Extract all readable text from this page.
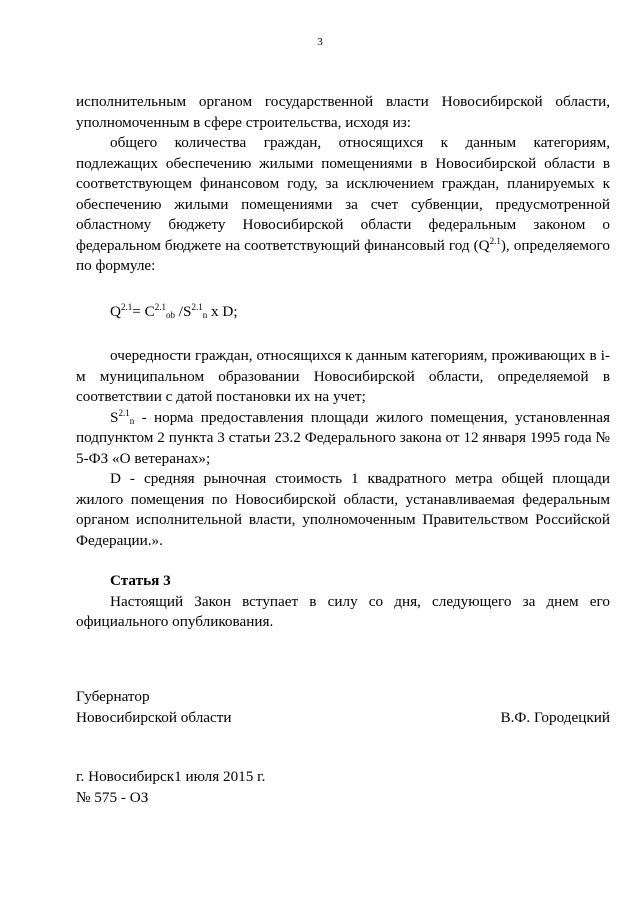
3

исполнительным органом государственной власти Новосибирской области, уполномоченным в сфере строительства, исходя из:

общего количества граждан, относящихся к данным категориям, подлежащих обеспечению жилыми помещениями в Новосибирской области в соответствующем финансовом году, за исключением граждан, планируемых к обеспечению жилыми помещениями за счет субвенции, предусмотренной областному бюджету Новосибирской области федеральным законом о федеральном бюджете на соответствующий финансовый год $(Q^{2.1})$, определяемого по формуле:

$Q^{2.1}= C^{2.1}_{ob}$ $/S^{2.1}_n$ x D;

очередности граждан, относящихся к данным категориям, проживающих в i-м муниципальном образовании Новосибирской области, определяемой в соответствии с датой постановки их на учет;

$S^{2.1}_n$ - норма предоставления площади жилого помещения, установленная подпунктом 2 пункта 3 статьи 23.2 Федерального закона от 12 января 1995 года № 5-ФЗ «О ветеранах»;

D - средняя рыночная стоимость 1 квадратного метра общей площади жилого помещения по Новосибирской области, устанавливаемая федеральным органом исполнительной власти, уполномоченным Правительством Российской Федерации.».

Статья 3

Настоящий Закон вступает в силу со дня, следующего за днем его официального опубликования.

Губернатор
Новосибирской области	В.Ф. Городецкий
г. Новосибирск1 июля 2015 г.
№ 575 - ОЗ
